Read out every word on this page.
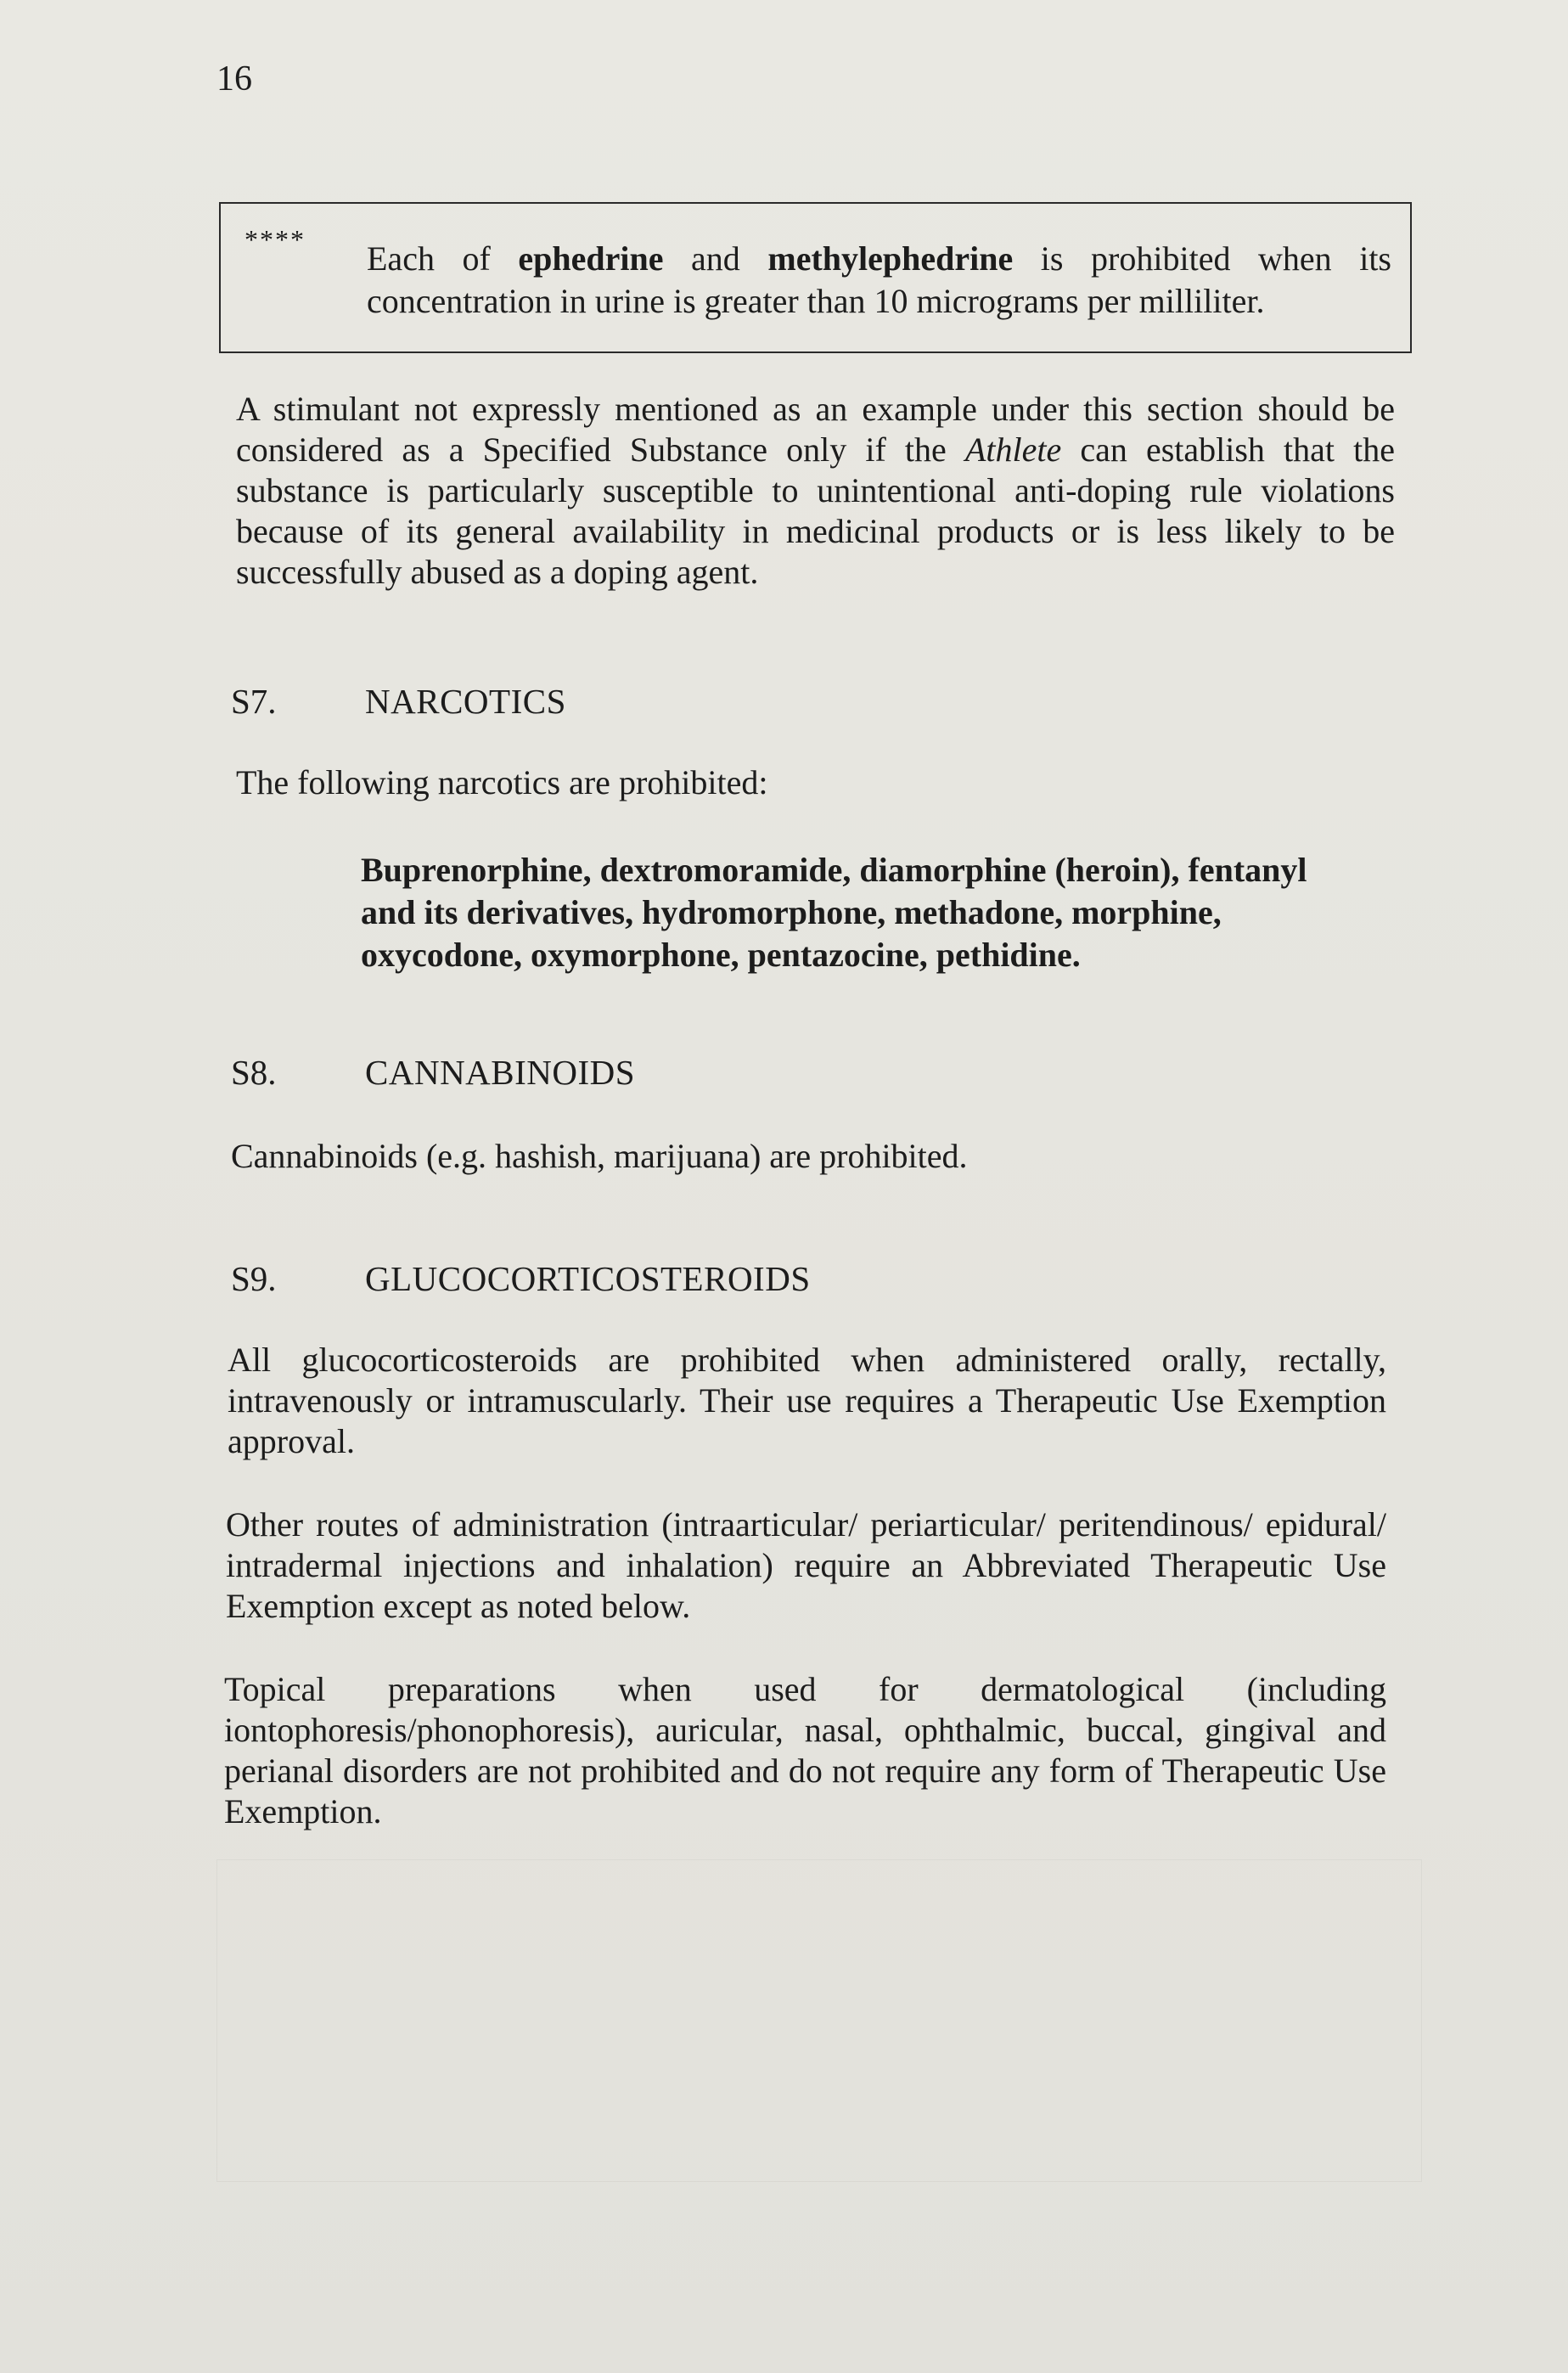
16
**** Each of ephedrine and methylephedrine is prohibited when its concentration in urine is greater than 10 micrograms per milliliter.

A stimulant not expressly mentioned as an example under this section should be considered as a Specified Substance only if the Athlete can establish that the substance is particularly susceptible to unintentional anti-doping rule violations because of its general availability in medicinal products or is less likely to be successfully abused as a doping agent.

S7.	NARCOTICS

The following narcotics are prohibited:

Buprenorphine, dextromoramide, diamorphine (heroin), fentanyl and its derivatives, hydromorphone, methadone, morphine, oxycodone, oxymorphone, pentazocine, pethidine.

S8.	CANNABINOIDS

Cannabinoids (e.g. hashish, marijuana) are prohibited.

S9.	GLUCOCORTICOSTEROIDS

All glucocorticosteroids are prohibited when administered orally, rectally, intravenously or intramuscularly. Their use requires a Therapeutic Use Exemption approval.

Other routes of administration (intraarticular/ periarticular/ peritendinous/ epidural/ intradermal injections and inhalation) require an Abbreviated Therapeutic Use Exemption except as noted below.

Topical preparations when used for dermatological (including iontophoresis/phonophoresis), auricular, nasal, ophthalmic, buccal, gingival and perianal disorders are not prohibited and do not require any form of Therapeutic Use Exemption.
